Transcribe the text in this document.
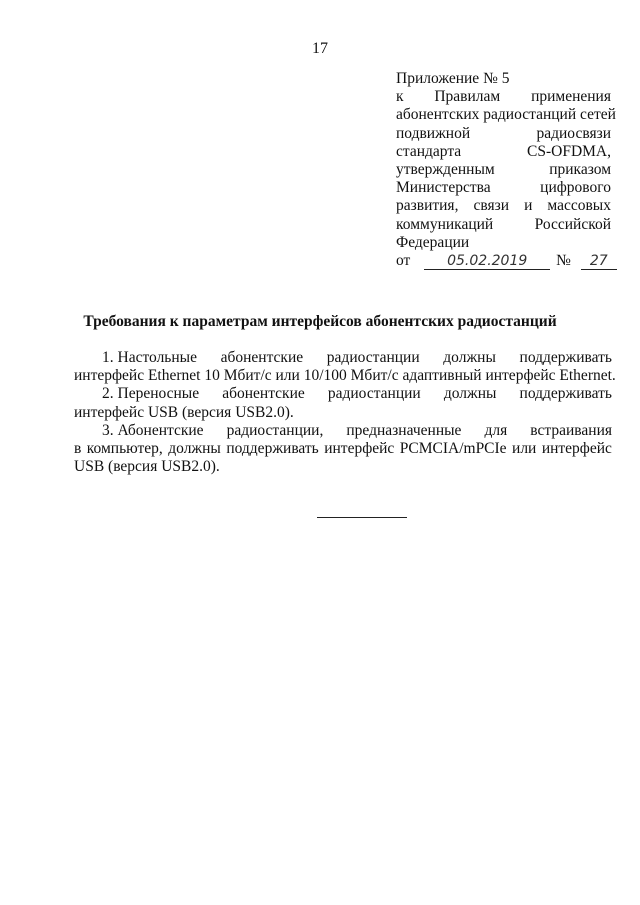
17
Приложение № 5
к Правилам применения
абонентских радиостанций сетей
подвижной	радиосвязи
стандарта	CS-OFDMA,
утвержденным	приказом
Министерства	цифрового
развития, связи и массовых
коммуникаций	Российской
Федерации
от	05.02.2019 № 27
Требования к параметрам интерфейсов абонентских радиостанций
1. Настольные абонентские радиостанции должны поддерживать
интерфейс Ethernet 10 Мбит/с или 10/100 Мбит/с адаптивный интерфейс Ethernet.
2. Переносные абонентские радиостанции должны поддерживать
интерфейс USB (версия USB2.0).
3. Абонентские радиостанции, предназначенные для встраивания
в компьютер, должны поддерживать интерфейс PCMCIA/mPCIe или интерфейс
USB (версия USB2.0).
